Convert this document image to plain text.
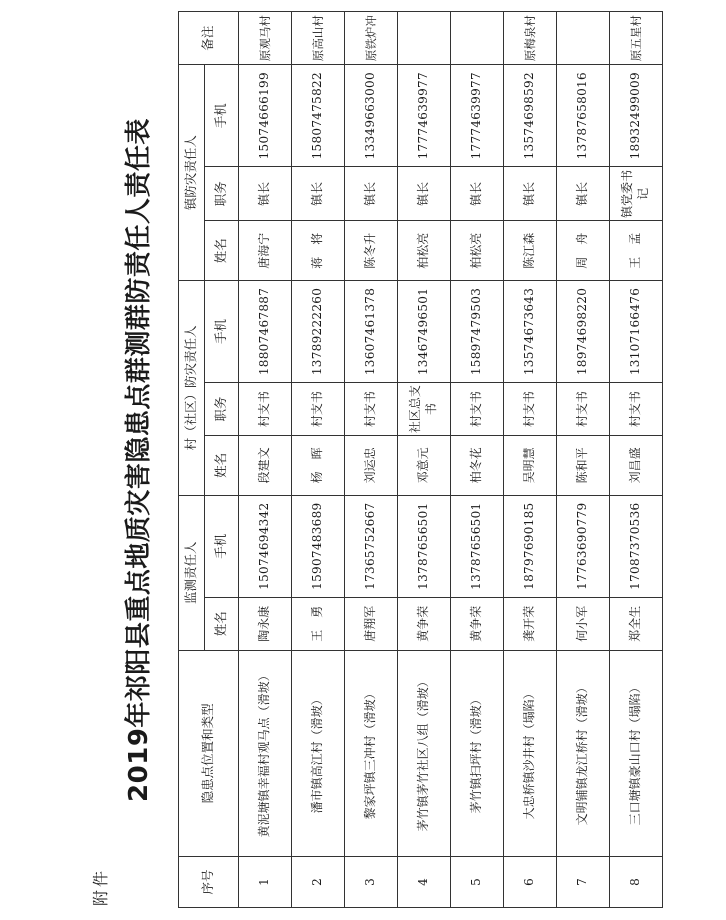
附件
2019年祁阳县重点地质灾害隐患点群测群防责任人责任表
序号	隐患点位置和类型	监测责任人		村（社区）防灾责任人			镇防灾责任人			备注
		姓名	手机	姓名	职务	手机	姓名	职务	手机	
1	黄泥塘镇幸福村观马点（滑坡）	陶永康	15074694342	段建文	村支书	18807467887	唐海宁	镇长	15074666199	原观马村
2	潘市镇高江村（滑坡）	王　勇	15907483689	杨　晖	村支书	13789222260	蒋　将	镇长	15807475822	原高山村
3	黎家坪镇三冲村（滑坡）	唐翔军	17365752667	刘运忠	村支书	13607461378	陈冬升	镇长	13349663000	原铁炉冲
4	茅竹镇茅竹社区八组（滑坡）	黄争荣	13787656501	邓意元	社区总支书	13467496501	柏松亮	镇长	17774639977	
5	茅竹镇扫坪村（滑坡）	黄争荣	13787656501	柏冬花	村支书	15897479503	柏松亮	镇长	17774639977	
6	大忠桥镇沙井村（塌陷）	龚开荣	18797690185	吴明慧	村支书	13574673643	陈江森	镇长	13574698592	原梅泉村
7	文明铺镇龙江桥村（滑坡）	何小军	17763690779	陈和平	村支书	18974698220	周　舟	镇长	13787658016	
8	三口塘镇豪山口村（塌陷）	郑全生	17087370536	刘昌盛	村支书	13107166476	王　孟	镇党委书记	18932499009	原五星村
